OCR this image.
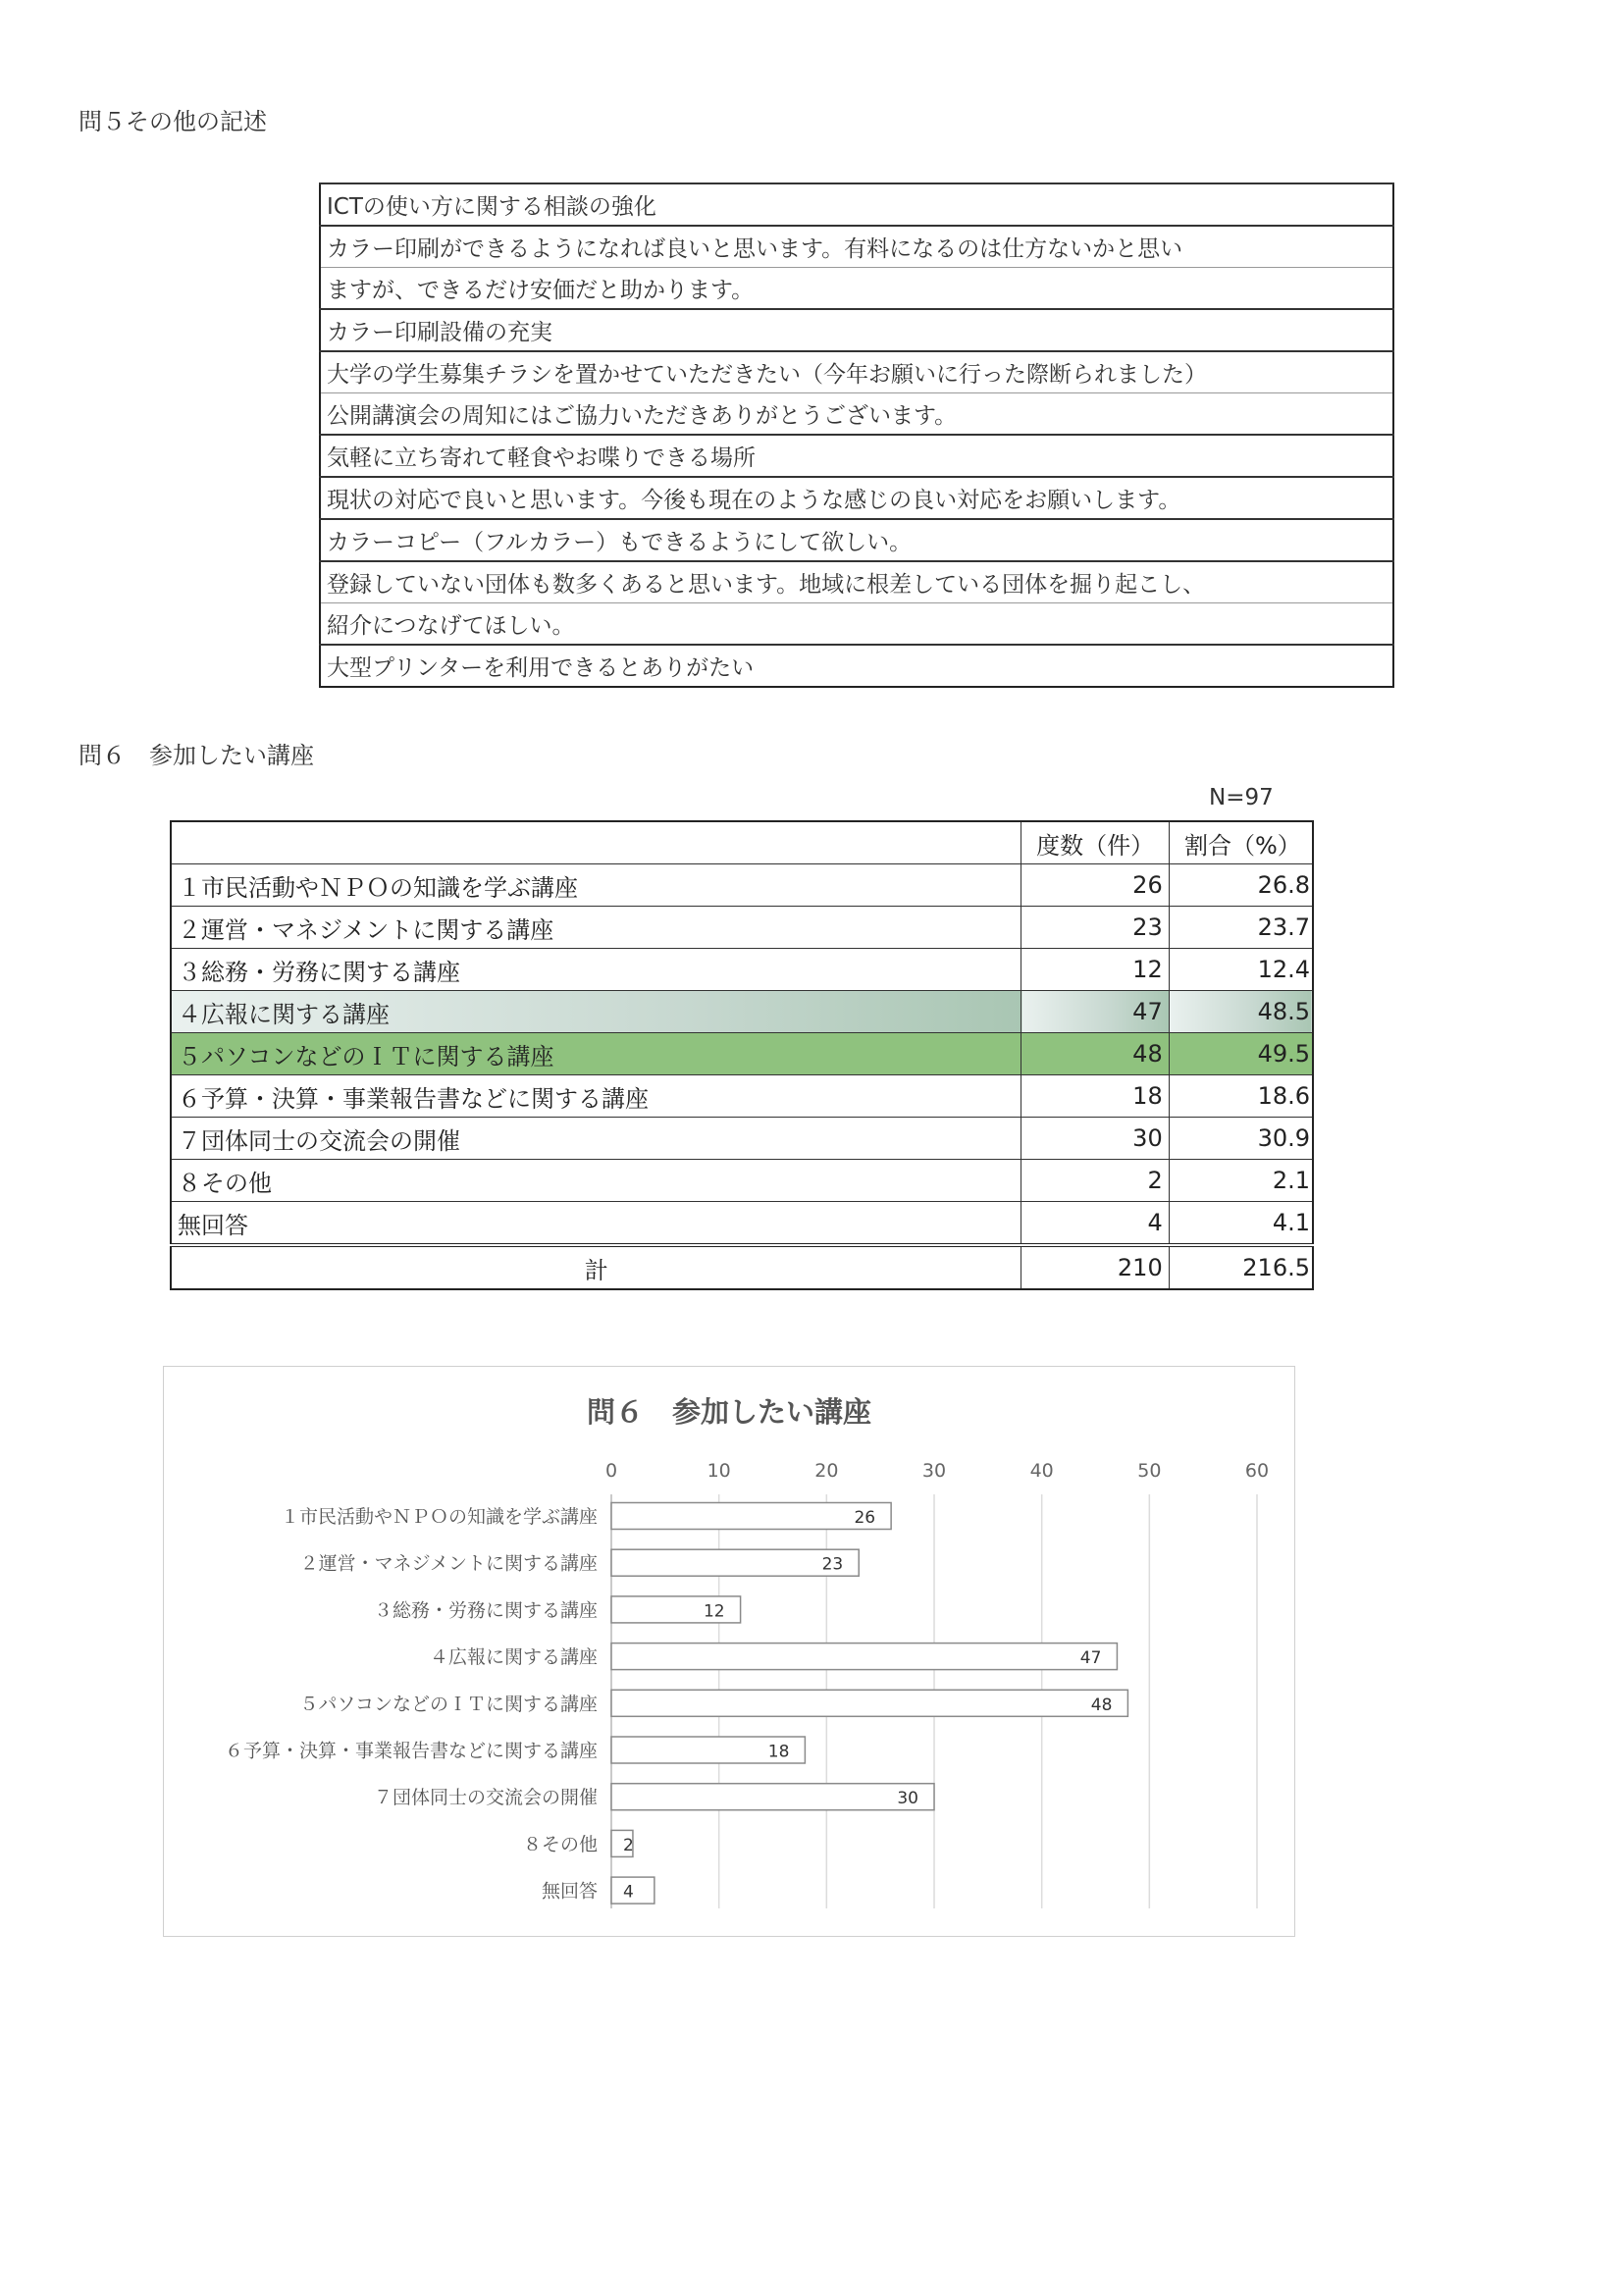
問５その他の記述
ICTの使い方に関する相談の強化
カラー印刷ができるようになれば良いと思います。有料になるのは仕方ないかと思い
ますが、できるだけ安価だと助かります。
カラー印刷設備の充実
大学の学生募集チラシを置かせていただきたい（今年お願いに行った際断られました）
公開講演会の周知にはご協力いただきありがとうございます。
気軽に立ち寄れて軽食やお喋りできる場所
現状の対応で良いと思います。今後も現在のような感じの良い対応をお願いします。
カラーコピー（フルカラー）もできるようにして欲しい。
登録していない団体も数多くあると思います。地域に根差している団体を掘り起こし、
紹介につなげてほしい。
大型プリンターを利用できるとありがたい
問６　参加したい講座
N=97
	度数（件）	割合（%）
１市民活動やＮＰＯの知識を学ぶ講座	26	26.8
２運営・マネジメントに関する講座	23	23.7
３総務・労務に関する講座	12	12.4
４広報に関する講座	47	48.5
５パソコンなどのＩＴに関する講座	48	49.5
６予算・決算・事業報告書などに関する講座	18	18.6
７団体同士の交流会の開催	30	30.9
８その他	2	2.1
無回答	4	4.1
計	210	216.5
問６　参加したい講座
0	10	20	30	40	50	60
１市民活動やＮＰＯの知識を学ぶ講座	26
２運営・マネジメントに関する講座	23
３総務・労務に関する講座	12
４広報に関する講座	47
５パソコンなどのＩＴに関する講座	48
６予算・決算・事業報告書などに関する講座	18
７団体同士の交流会の開催	30
８その他 2
無回答 4
